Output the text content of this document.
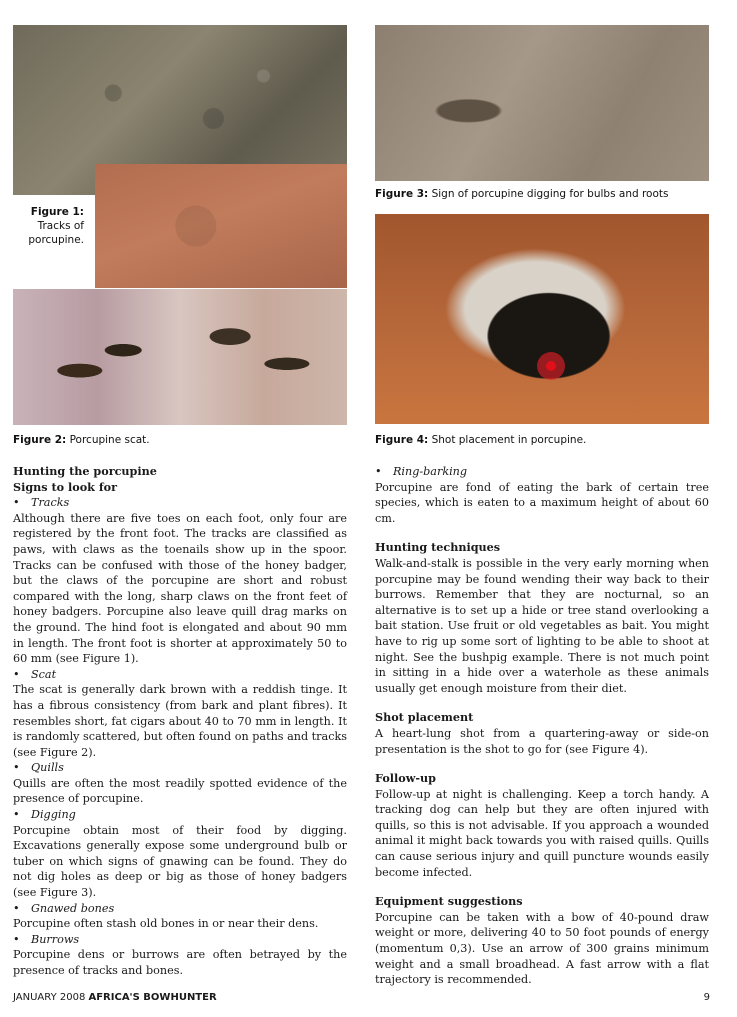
Figure 1:
Tracks of
porcupine.
Figure 2: Porcupine scat.
Figure 3: Sign of porcupine digging for bulbs and roots
Figure 4: Shot placement in porcupine.

Hunting the porcupine

Signs to look for

• Tracks

Although there are five toes on each foot, only four are registered by the front foot. The tracks are classified as paws, with claws as the toenails show up in the spoor. Tracks can be confused with those of the honey badger, but the claws of the porcupine are short and robust compared with the long, sharp claws on the front feet of honey badgers. Porcupine also leave quill drag marks on the ground. The hind foot is elongated and about 90 mm in length. The front foot is shorter at approximately 50 to 60 mm (see Figure 1).

• Scat

The scat is generally dark brown with a reddish tinge. It has a fibrous consistency (from bark and plant fibres). It resembles short, fat cigars about 40 to 70 mm in length. It is randomly scattered, but often found on paths and tracks (see Figure 2).

• Quills

Quills are often the most readily spotted evidence of the presence of porcupine.

• Digging

Porcupine obtain most of their food by digging. Excavations generally expose some underground bulb or tuber on which signs of gnawing can be found. They do not dig holes as deep or big as those of honey badgers (see Figure 3).

• Gnawed bones

Porcupine often stash old bones in or near their dens.

• Burrows

Porcupine dens or burrows are often betrayed by the presence of tracks and bones.

• Ring-barking

Porcupine are fond of eating the bark of certain tree species, which is eaten to a maximum height of about 60 cm.

Hunting techniques

Walk-and-stalk is possible in the very early morning when porcupine may be found wending their way back to their burrows. Remember that they are nocturnal, so an alternative is to set up a hide or tree stand overlooking a bait station. Use fruit or old vegetables as bait. You might have to rig up some sort of lighting to be able to shoot at night. See the bushpig example. There is not much point in sitting in a hide over a waterhole as these animals usually get enough moisture from their diet.

Shot placement

A heart-lung shot from a quartering-away or side-on presentation is the shot to go for (see Figure 4).

Follow-up

Follow-up at night is challenging. Keep a torch handy. A tracking dog can help but they are often injured with quills, so this is not advisable. If you approach a wounded animal it might back towards you with raised quills. Quills can cause serious injury and quill puncture wounds easily become infected.

Equipment suggestions

Porcupine can be taken with a bow of 40-pound draw weight or more, delivering 40 to 50 foot pounds of energy (momentum 0,3). Use an arrow of 300 grains minimum weight and a small broadhead. A fast arrow with a flat trajectory is recommended. 

JANUARY 2008 AFRICA'S BOWHUNTER	9
